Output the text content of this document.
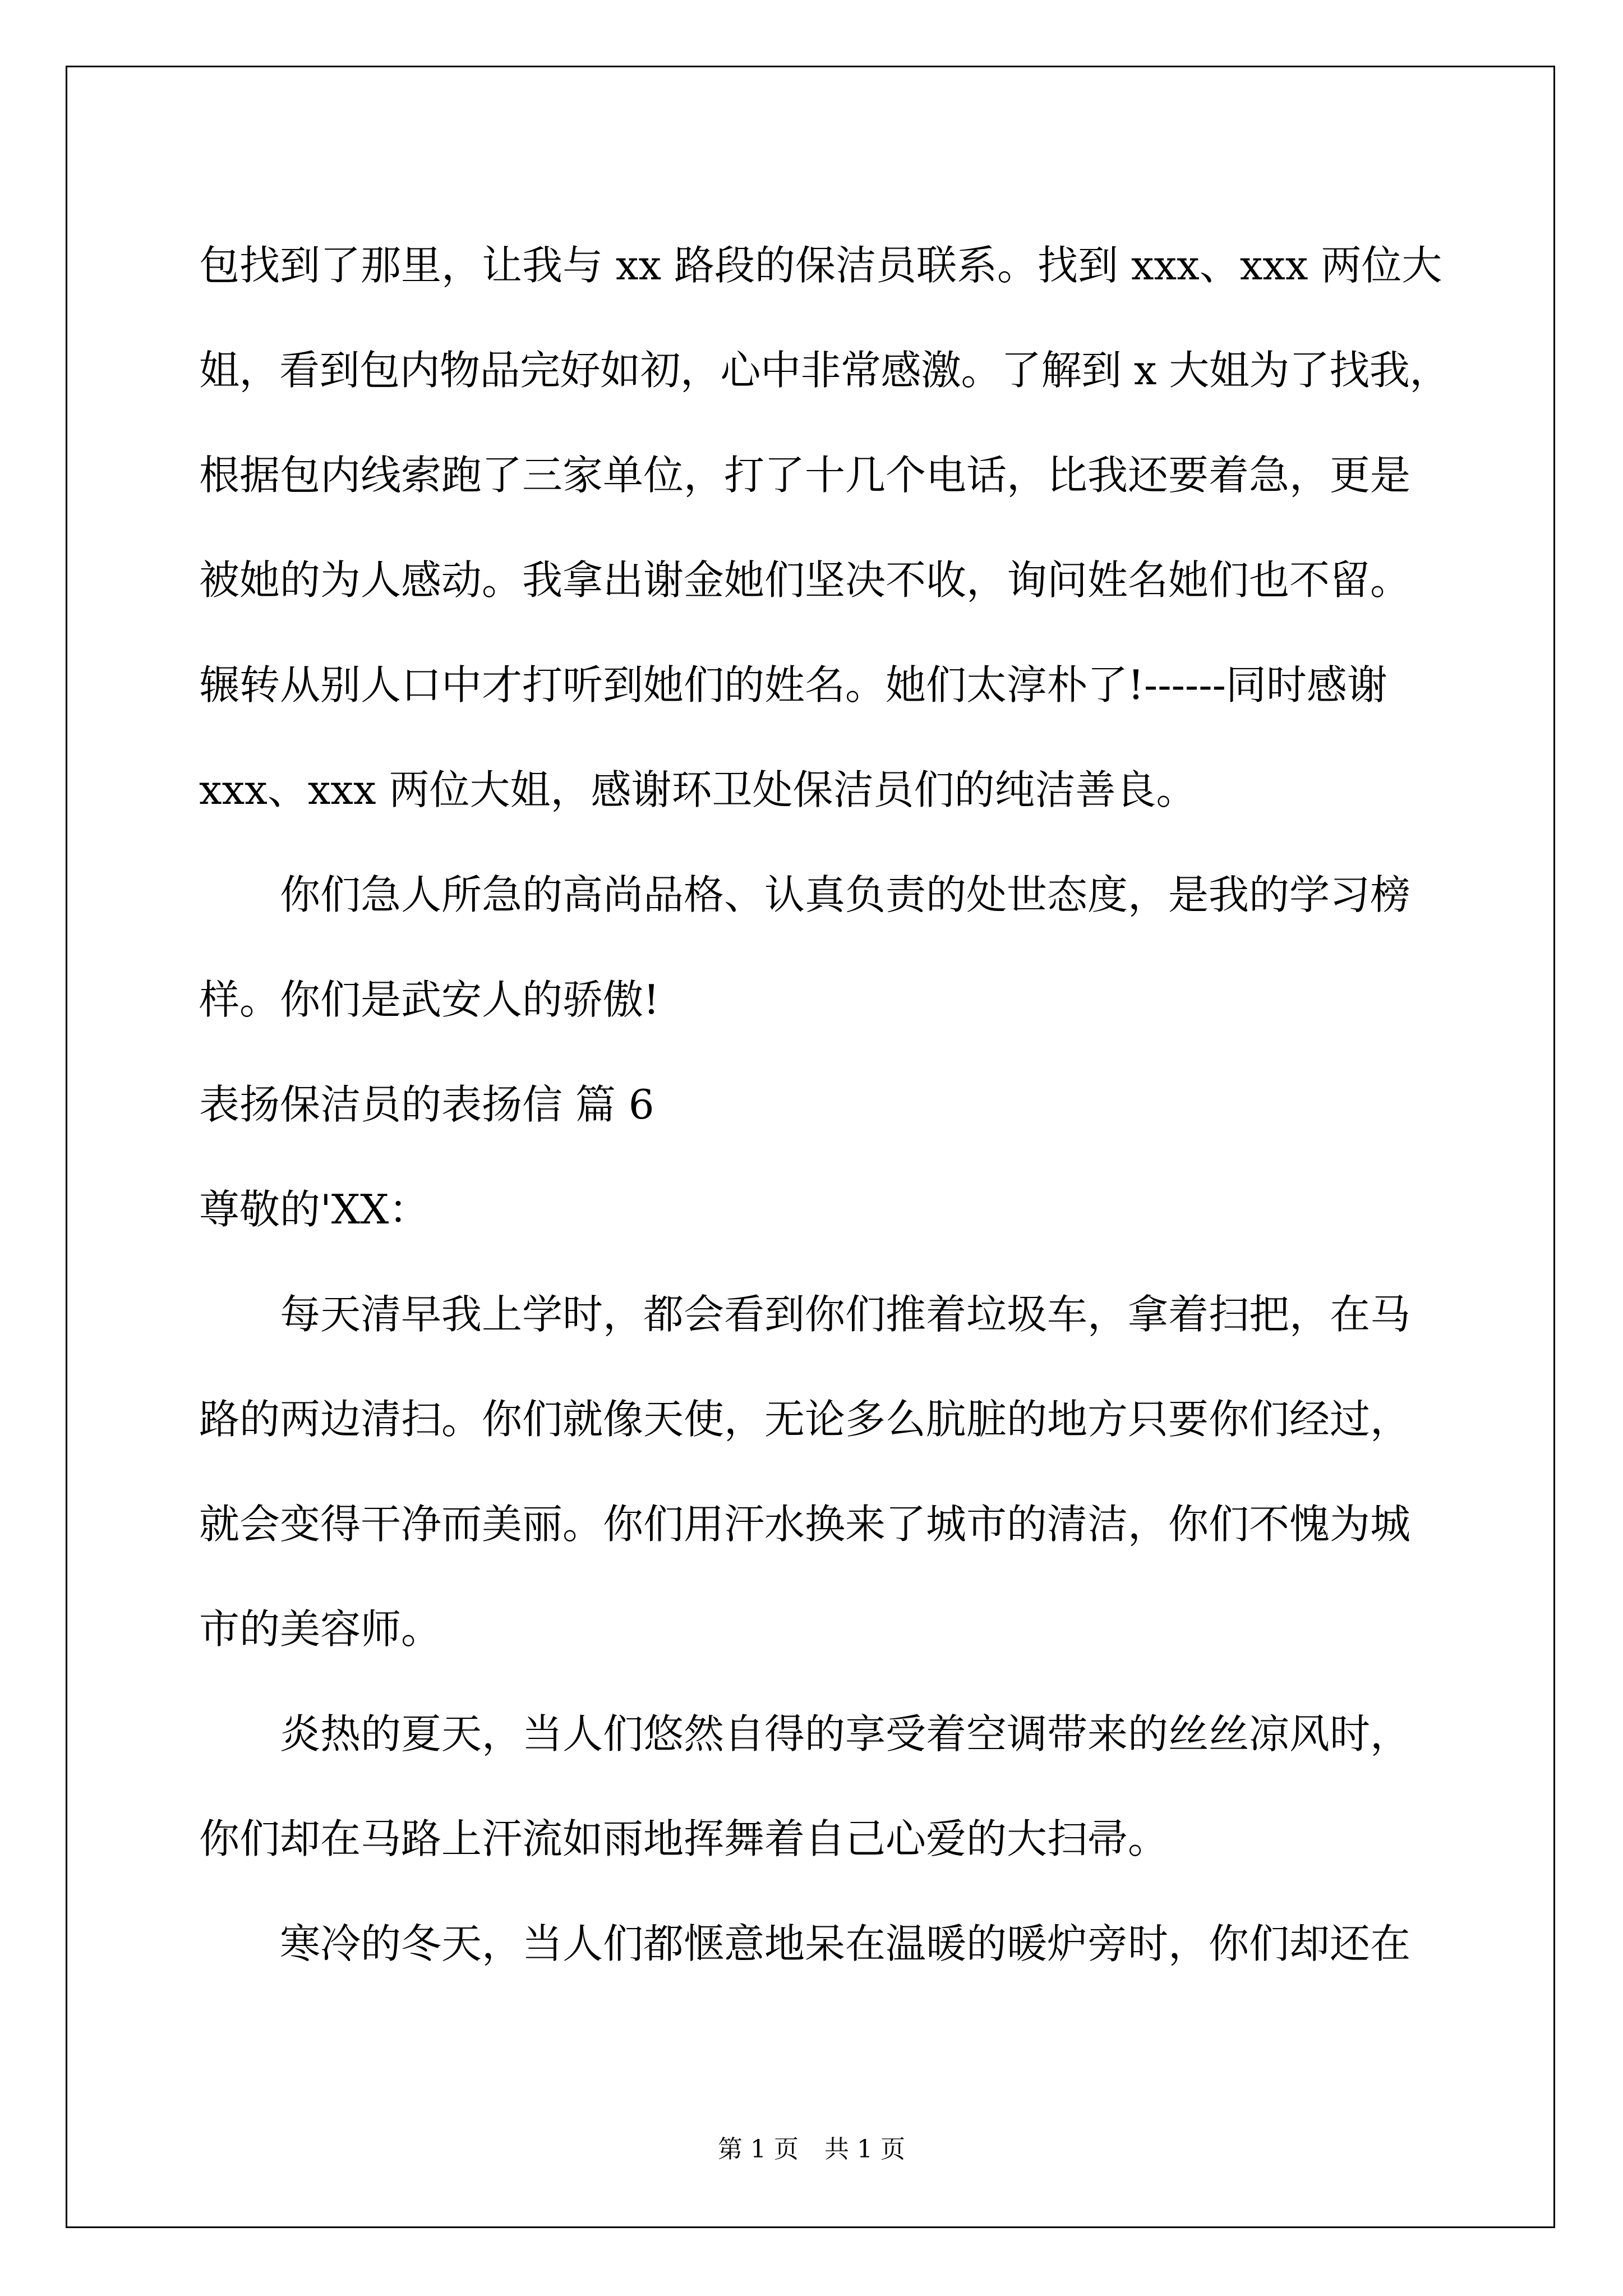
包找到了那里，让我与 xx 路段的保洁员联系。找到 xxx、xxx 两位大
姐，看到包内物品完好如初，心中非常感激。了解到 x 大姐为了找我，
根据包内线索跑了三家单位，打了十几个电话，比我还要着急，更是
被她的为人感动。我拿出谢金她们坚决不收，询问姓名她们也不留。
辗转从别人口中才打听到她们的姓名。她们太淳朴了!------同时感谢
xxx、xxx 两位大姐，感谢环卫处保洁员们的纯洁善良。
你们急人所急的高尚品格、认真负责的处世态度，是我的学习榜
样。你们是武安人的骄傲!
表扬保洁员的表扬信 篇 6
尊敬的'XX：
每天清早我上学时，都会看到你们推着垃圾车，拿着扫把，在马
路的两边清扫。你们就像天使，无论多么肮脏的地方只要你们经过，
就会变得干净而美丽。你们用汗水换来了城市的清洁，你们不愧为城
市的美容师。
炎热的夏天，当人们悠然自得的享受着空调带来的丝丝凉风时，
你们却在马路上汗流如雨地挥舞着自己心爱的大扫帚。
寒冷的冬天，当人们都惬意地呆在温暖的暖炉旁时，你们却还在
第 1 页 共 1 页
